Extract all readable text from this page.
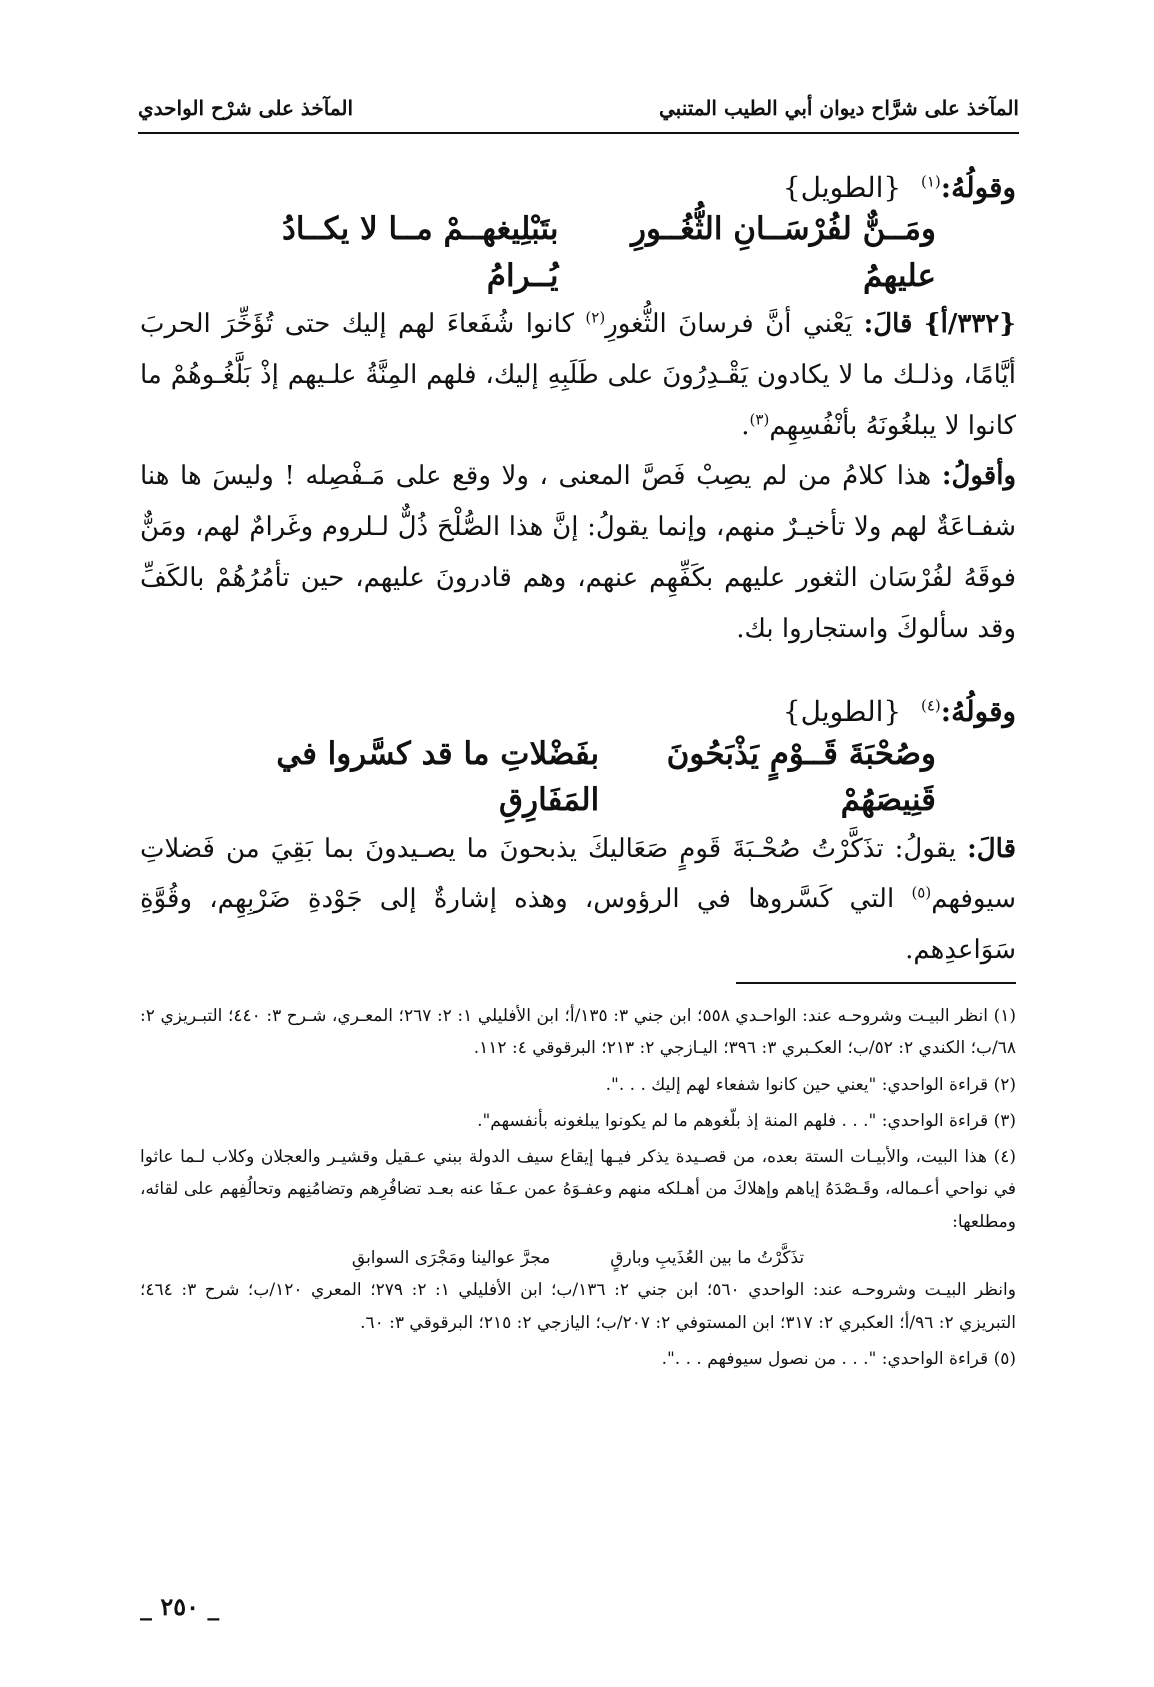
المآخذ على شرَّاح ديوان أبي الطيب المتنبي
المآخذ على شرْح الواحدي
وقولُهُ:$^{(١)}$ {الطويل}
ومَــنٌّ لفُرْسَــانِ الثُّغُــورِ عليهمُ
بتَبْلِيغهــمْ مــا لا يكــادُ يُــرامُ

{٣٣٢/أ} قالَ: يَعْني أنَّ فرسانَ الثُّغورِ$^{(٢)}$ كانوا شُفَعاءَ لهم إليك حتى تُؤَخِّرَ الحربَ أيَّامًا، وذلـك ما لا يكادون يَقْـدِرُونَ على طَلَبِهِ إليك، فلهم المِنَّةُ علـيهم إذْ بَلَّغُـوهُمْ ما كانوا لا يبلغُونَهُ بأنْفُسِهِم$^{(٣)}$.

وأقولُ: هذا كلامُ من لم يصِبْ فَصَّ المعنى ، ولا وقع على مَـفْصِله ! وليسَ ها هنا شفـاعَةٌ لهم ولا تأخيـرٌ منهم، وإنما يقولُ: إنَّ هذا الصُّلْحَ ذُلٌّ لـلروم وغَرامٌ لهم، ومَنٌّ فوقَهُ لفُرْسَان الثغور عليهم بكَفِّهِم عنهم، وهم قادرونَ عليهم، حين تأمُرُهُمْ بالكَفِّ وقد سألوكَ واستجاروا بك.

وقولُهُ:$^{(٤)}$ {الطويل}
وصُحْبَةَ قَــوْمٍ يَذْبَحُونَ قَنِيصَهُمْ
بفَضْلاتِ ما قد كسَّروا في المَفَارِقِ

قالَ: يقولُ: تذَكَّرْتُ صُحْـبَةَ قَومٍ صَعَاليكَ يذبحونَ ما يصـيدونَ بما بَقِيَ من فَضلاتِ سيوفهم$^{(٥)}$ التي كَسَّروها في الرؤوس، وهذه إشارةٌ إلى جَوْدةِ ضَرْبِهِم، وقُوَّةِ سَوَاعدِهم.

(١) انظر البيـت وشروحـه عند: الواحـدي ٥٥٨؛ ابن جني ٣: ١٣٥/أ؛ ابن الأفليلي ١: ٢: ٢٦٧؛ المعـري، شـرح ٣: ٤٤٠؛ التبـريزي ٢: ٦٨/ب؛ الكندي ٢: ٥٢/ب؛ العكـبري ٣: ٣٩٦؛ اليـازجي ٢: ٢١٣؛ البرقوقي ٤: ١١٢.

(٢) قراءة الواحدي: "يعني حين كانوا شفعاء لهم إليك . . .".

(٣) قراءة الواحدي: ". . . فلهم المنة إذ بلّغوهم ما لم يكونوا يبلغونه بأنفسهم".

(٤) هذا البيت، والأبيـات الستة بعده، من قصـيدة يذكر فيـها إيقاع سيف الدولة ببني عـقيل وقشيـر والعجلان وكلاب لـما عاثوا في نواحي أعـماله، وقَـصْدَهُ إياهم وإهلاكَ من أهـلكه منهم وعفـوَهُ عمن عـفَا عنه بعـد تضافُرِهم وتضامُنِهم وتحالُفِهم على لقائه، ومطلعها:

تذَكَّرْتُ ما بين العُذَيبِ وبارقٍ
مجرَّ عوالينا ومَجْرَى السوابقِ

وانظر البيـت وشروحـه عند: الواحدي ٥٦٠؛ ابن جني ٢: ١٣٦/ب؛ ابن الأفليلي ١: ٢: ٢٧٩؛ المعري ١٢٠/ب؛ شرح ٣: ٤٦٤؛ التبريزي ٢: ٩٦/أ؛ العكبري ٢: ٣١٧؛ ابن المستوفي ٢: ٢٠٧/ب؛ اليازجي ٢: ٢١٥؛ البرقوقي ٣: ٦٠.

(٥) قراءة الواحدي: ". . . من نصول سيوفهم . . .".

_ ٢٥٠ _
